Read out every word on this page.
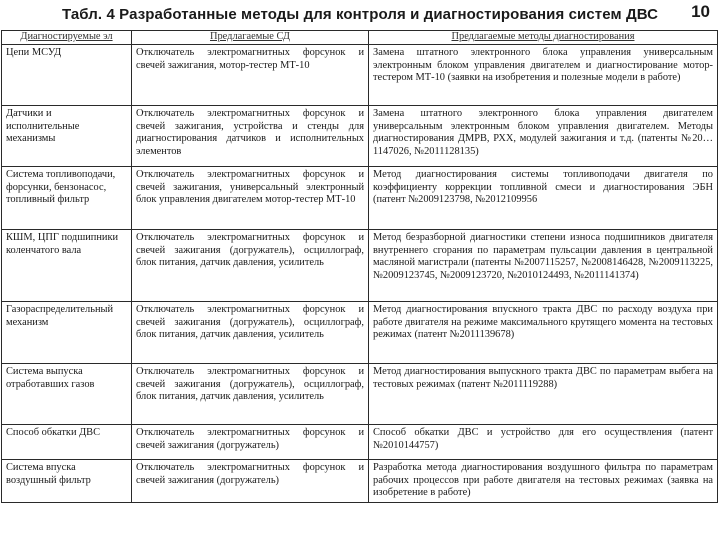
Табл. 4 Разработанные методы для контроля и диагностирования систем ДВС	10
Диагностируемые эл	Предлагаемые СД	Предлагаемые методы диагностирования
Цепи МСУД	Отключатель электромагнитных форсунок и свечей зажигания, мотор-тестер МТ-10	Замена штатного электронного блока управления универсальным электронным блоком управления двигателем и диагностирование мотор-тестером МТ-10 (заявки на изобретения и полезные модели в работе)
Датчики и исполнительные механизмы	Отключатель электромагнитных форсунок и свечей зажигания, устройства и стенды для диагностирования датчиков и исполнительных элементов	Замена штатного электронного блока управления двигателем универсальным электронным блоком управления двигателем. Методы диагностирования ДМРВ, РХХ, модулей зажигания и т.д. (патенты №20…1147026, №2011128135)
Система топливоподачи, форсунки, бензонасос, топливный фильтр	Отключатель электромагнитных форсунок и свечей зажигания, универсальный электронный блок управления двигателем мотор-тестер МТ-10	Метод диагностирования системы топливоподачи двигателя по коэффициенту коррекции топливной смеси и диагностирования ЭБН (патент №2009123798, №2012109956
КШМ, ЦПГ подшипники коленчатого вала	Отключатель электромагнитных форсунок и свечей зажигания (догружатель), осциллограф, блок питания, датчик давления, усилитель	Метод безразборной диагностики степени износа подшипников двигателя внутреннего сгорания по параметрам пульсации давления в центральной масляной магистрали (патенты №2007115257, №2008146428, №2009113225, №2009123745, №2009123720, №2010124493, №2011141374)
Газораспределительный механизм	Отключатель электромагнитных форсунок и свечей зажигания (догружатель), осциллограф, блок питания, датчик давления, усилитель	Метод диагностирования впускного тракта ДВС по расходу воздуха при работе двигателя на режиме максимального крутящего момента на тестовых режимах (патент №2011139678)
Система выпуска отработавших газов	Отключатель электромагнитных форсунок и свечей зажигания (догружатель), осциллограф, блок питания, датчик давления, усилитель	Метод диагностирования выпускного тракта ДВС по параметрам выбега на тестовых режимах (патент №2011119288)
Способ обкатки ДВС	Отключатель электромагнитных форсунок и свечей зажигания (догружатель)	Способ обкатки ДВС и устройство для его осуществления (патент №2010144757)
Система впуска воздушный фильтр	Отключатель электромагнитных форсунок и свечей зажигания (догружатель)	Разработка метода диагностирования воздушного фильтра по параметрам рабочих процессов при работе двигателя на тестовых режимах (заявка на изобретение в работе)
